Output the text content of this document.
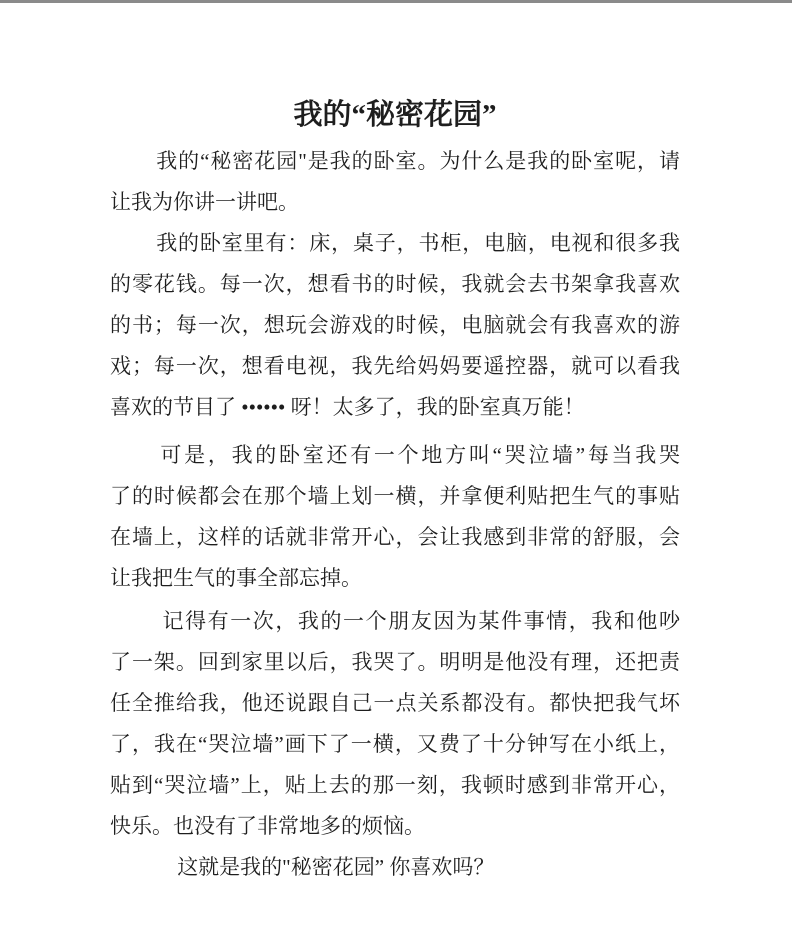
我的“秘密花园”
我的“秘密花园"是我的卧室。为什么是我的卧室呢，请
让我为你讲一讲吧。
我的卧室里有：床，桌子，书柜，电脑，电视和很多我
的零花钱。每一次，想看书的时候，我就会去书架拿我喜欢
的书；每一次，想玩会游戏的时候，电脑就会有我喜欢的游
戏；每一次，想看电视，我先给妈妈要遥控器，就可以看我
喜欢的节目了 •••••• 呀！太多了，我的卧室真万能！
可是，我的卧室还有一个地方叫“哭泣墙”每当我哭
了的时候都会在那个墙上划一横，并拿便利贴把生气的事贴
在墙上，这样的话就非常开心，会让我感到非常的舒服，会
让我把生气的事全部忘掉。
记得有一次，我的一个朋友因为某件事情，我和他吵
了一架。回到家里以后，我哭了。明明是他没有理，还把责
任全推给我，他还说跟自己一点关系都没有。都快把我气坏
了，我在“哭泣墙”画下了一横，又费了十分钟写在小纸上，
贴到“哭泣墙”上，贴上去的那一刻，我顿时感到非常开心，
快乐。也没有了非常地多的烦恼。
这就是我的"秘密花园” 你喜欢吗？
